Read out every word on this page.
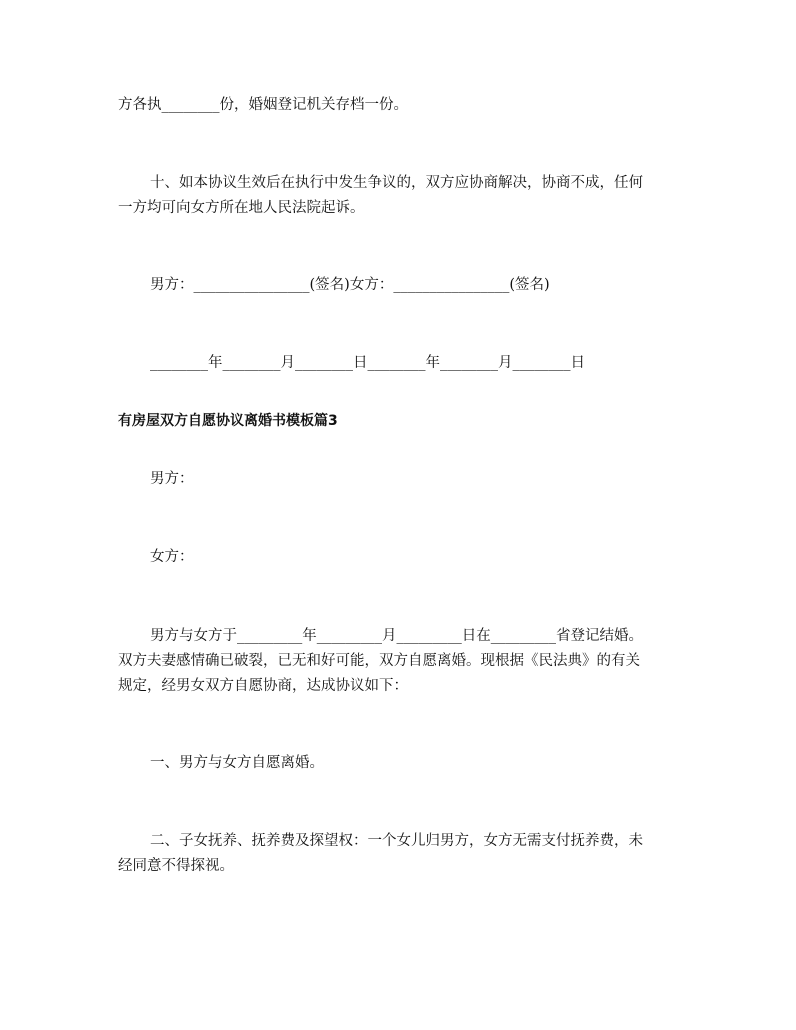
方各执________份，婚姻登记机关存档一份。

十、如本协议生效后在执行中发生争议的，双方应协商解决，协商不成，任何

一方均可向女方所在地人民法院起诉。

男方：________________(签名)女方：________________(签名)

________年________月________日________年________月________日

有房屋双方自愿协议离婚书模板篇3

男方：

女方：

男方与女方于_________年_________月_________日在_________省登记结婚。

双方夫妻感情确已破裂，已无和好可能，双方自愿离婚。现根据《民法典》的有关

规定，经男女双方自愿协商，达成协议如下：

一、男方与女方自愿离婚。

二、子女抚养、抚养费及探望权：一个女儿归男方，女方无需支付抚养费，未

经同意不得探视。
